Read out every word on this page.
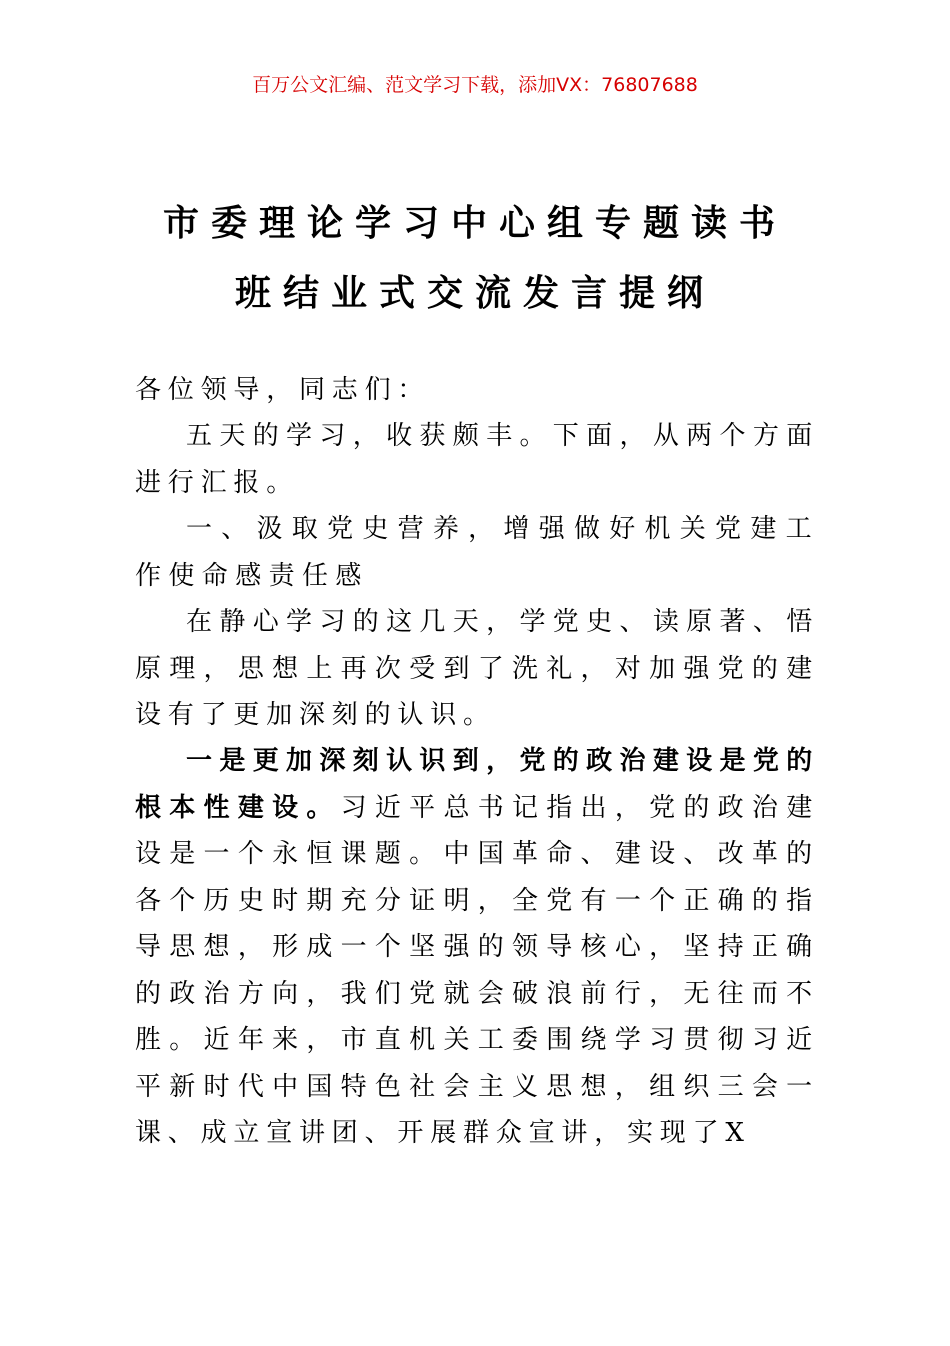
百万公文汇编、范文学习下载，添加VX：76807688
市委理论学习中心组专题读书
班结业式交流发言提纲

各位领导，同志们：

五天的学习，收获颇丰。下面，从两个方面进行汇报。

一、汲取党史营养，增强做好机关党建工作使命感责任感

在静心学习的这几天，学党史、读原著、悟原理，思想上再次受到了洗礼，对加强党的建设有了更加深刻的认识。

一是更加深刻认识到，党的政治建设是党的根本性建设。习近平总书记指出，党的政治建设是一个永恒课题。中国革命、建设、改革的各个历史时期充分证明，全党有一个正确的指导思想，形成一个坚强的领导核心，坚持正确的政治方向，我们党就会破浪前行，无往而不胜。近年来，市直机关工委围绕学习贯彻习近平新时代中国特色社会主义思想，组织三会一课、成立宣讲团、开展群众宣讲，实现了X
